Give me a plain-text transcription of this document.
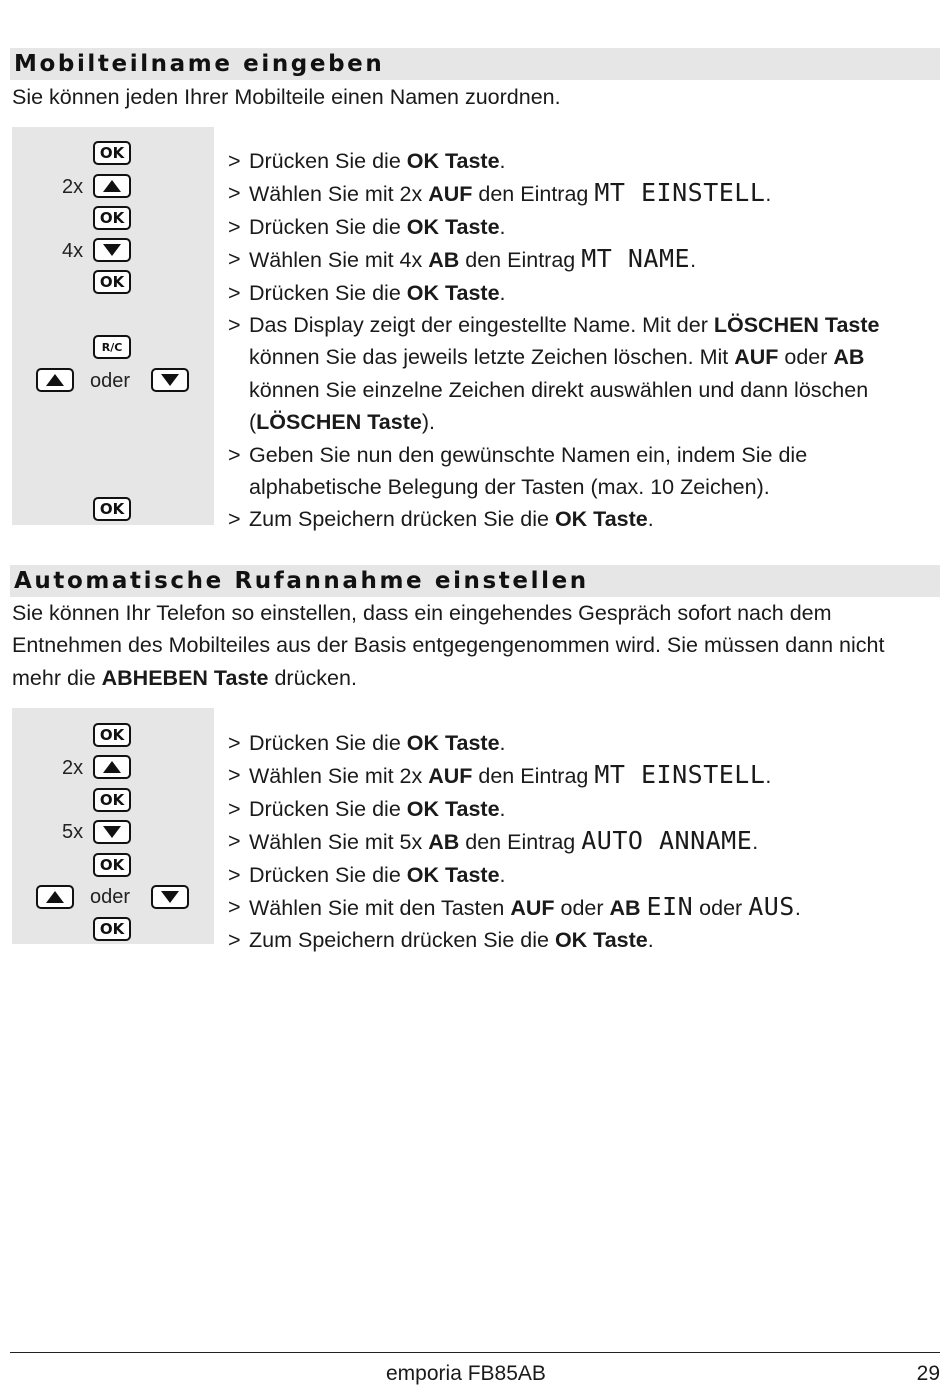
Mobilteilname eingeben

Sie können jeden Ihrer Mobilteile einen Namen zuordnen.

OK
2x
OK
4x
OK
R/C
oder
OK
> Drücken Sie die OK Taste.
> Wählen Sie mit 2x AUF den Eintrag MT EINSTELL.
> Drücken Sie die OK Taste.
> Wählen Sie mit 4x AB den Eintrag MT NAME.
> Drücken Sie die OK Taste.
> Das Display zeigt der eingestellte Name. Mit der LÖSCHEN Taste können Sie das jeweils letzte Zeichen löschen. Mit AUF oder AB können Sie einzelne Zeichen direkt auswählen und dann löschen (LÖSCHEN Taste).
> Geben Sie nun den gewünschte Namen ein, indem Sie die alphabetische Belegung der Tasten (max. 10 Zeichen).
> Zum Speichern drücken Sie die OK Taste.
Automatische Rufannahme einstellen

Sie können Ihr Telefon so einstellen, dass ein eingehendes Gespräch sofort nach dem Entnehmen des Mobilteiles aus der Basis entgegengenommen wird. Sie müssen dann nicht mehr die ABHEBEN Taste drücken.

OK
2x
OK
5x
OK
oder
OK
> Drücken Sie die OK Taste.
> Wählen Sie mit 2x AUF den Eintrag MT EINSTELL.
> Drücken Sie die OK Taste.
> Wählen Sie mit 5x AB den Eintrag AUTO ANNAME.
> Drücken Sie die OK Taste.
> Wählen Sie mit den Tasten AUF oder AB EIN oder AUS.
> Zum Speichern drücken Sie die OK Taste.
emporia FB85AB	29
